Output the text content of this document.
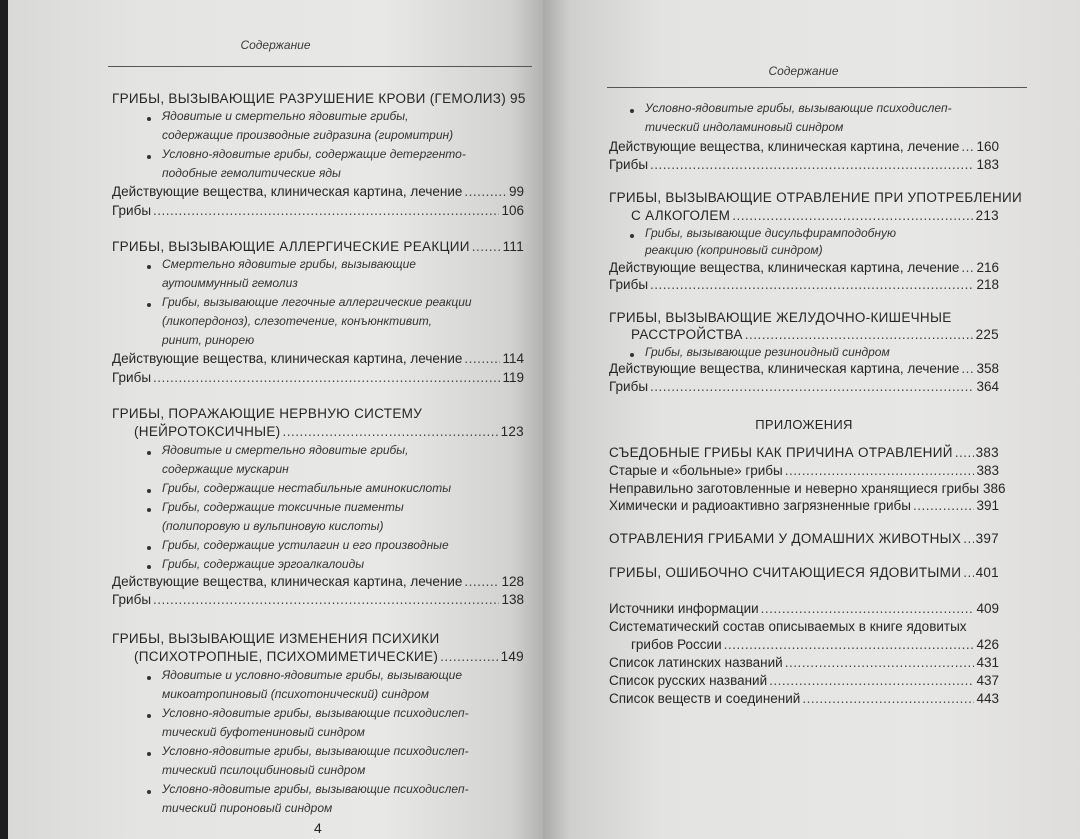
Содержание
ГРИБЫ, ВЫЗЫВАЮЩИЕ РАЗРУШЕНИЕ КРОВИ (ГЕМОЛИЗ) 95
Ядовитые и смертельно ядовитые грибы,
содержащие производные гидразина (гиромитрин)
Условно-ядовитые грибы, содержащие детергенто-
подобные гемолитические яды
Действующие вещества, клиническая картина, лечение .....	99
Грибы .....	106
ГРИБЫ, ВЫЗЫВАЮЩИЕ АЛЛЕРГИЧЕСКИЕ РЕАКЦИИ ..... 111
Смертельно ядовитые грибы, вызывающие
аутоиммунный гемолиз
Грибы, вызывающие легочные аллергические реакции
(ликопердоноз), слезотечение, конъюнктивит,
ринит, ринорею
Действующие вещества, клиническая картина, лечение .....	114
Грибы .....	119
ГРИБЫ, ПОРАЖАЮЩИЕ НЕРВНУЮ СИСТЕМУ
(НЕЙРОТОКСИЧНЫЕ) .....	123
Ядовитые и смертельно ядовитые грибы,
содержащие мускарин
Грибы, содержащие нестабильные аминокислоты
Грибы, содержащие токсичные пигменты
(полипоровую и вульпиновую кислоты)
Грибы, содержащие устилагин и его производные
Грибы, содержащие эргоалкалоиды
Действующие вещества, клиническая картина, лечение .....	128
Грибы .....	138
ГРИБЫ, ВЫЗЫВАЮЩИЕ ИЗМЕНЕНИЯ ПСИХИКИ
(ПСИХОТРОПНЫЕ, ПСИХОМИМЕТИЧЕСКИЕ) .....	149
Ядовитые и условно-ядовитые грибы, вызывающие
микоатропиновый (психотонический) синдром
Условно-ядовитые грибы, вызывающие психодислеп-
тический буфотениновый синдром
Условно-ядовитые грибы, вызывающие психодислеп-
тический псилоцибиновый синдром
Условно-ядовитые грибы, вызывающие психодислеп-
тический пироновый синдром
4
Содержание
Условно-ядовитые грибы, вызывающие психодислеп-
тический индоламиновый синдром
Действующие вещества, клиническая картина, лечение ..... 160
Грибы .....	183
ГРИБЫ, ВЫЗЫВАЮЩИЕ ОТРАВЛЕНИЕ ПРИ УПОТРЕБЛЕНИИ
С АЛКОГОЛЕМ .....	213
Грибы, вызывающие дисульфирамподобную
реакцию (коприновый синдром)
Действующие вещества, клиническая картина, лечение ..... 216
Грибы .....	218
ГРИБЫ, ВЫЗЫВАЮЩИЕ ЖЕЛУДОЧНО-КИШЕЧНЫЕ
РАССТРОЙСТВА .....	225
Грибы, вызывающие резиноидный синдром
Действующие вещества, клиническая картина, лечение ..... 358
Грибы .....	364
ПРИЛОЖЕНИЯ
СЪЕДОБНЫЕ ГРИБЫ КАК ПРИЧИНА ОТРАВЛЕНИЙ ..... 383
Старые и «больные» грибы .....	383
Неправильно заготовленные и неверно хранящиеся грибы 386
Химически и радиоактивно загрязненные грибы .....	391
ОТРАВЛЕНИЯ ГРИБАМИ У ДОМАШНИХ ЖИВОТНЫХ ..... 397
ГРИБЫ, ОШИБОЧНО СЧИТАЮЩИЕСЯ ЯДОВИТЫМИ ..... 401
Источники информации .....	409
Систематический состав описываемых в книге ядовитых
грибов России .....	426
Список латинских названий .....	431
Список русских названий .....	437
Список веществ и соединений .....	443
